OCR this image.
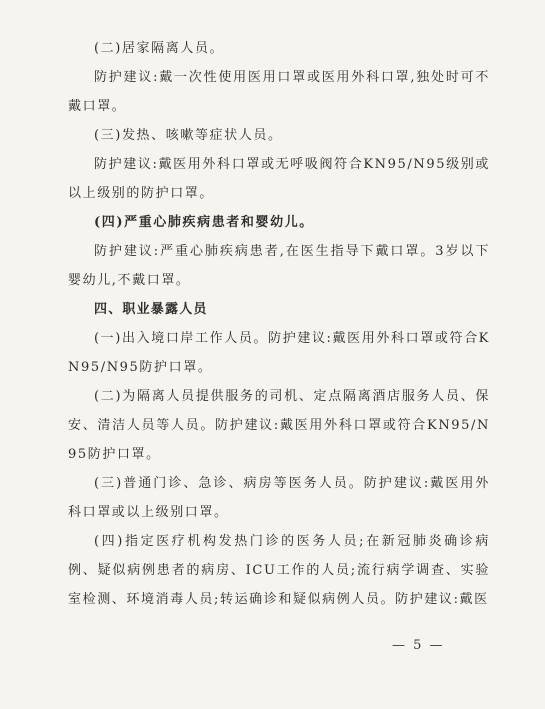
(二)居家隔离人员。

防护建议:戴一次性使用医用口罩或医用外科口罩,独处时可不戴口罩。

(三)发热、咳嗽等症状人员。

防护建议:戴医用外科口罩或无呼吸阀符合KN95/N95级别或以上级别的防护口罩。

(四)严重心肺疾病患者和婴幼儿。

防护建议:严重心肺疾病患者,在医生指导下戴口罩。3岁以下婴幼儿,不戴口罩。

四、职业暴露人员

(一)出入境口岸工作人员。防护建议:戴医用外科口罩或符合KN95/N95防护口罩。

(二)为隔离人员提供服务的司机、定点隔离酒店服务人员、保安、清洁人员等人员。防护建议:戴医用外科口罩或符合KN95/N95防护口罩。

(三)普通门诊、急诊、病房等医务人员。防护建议:戴医用外科口罩或以上级别口罩。

(四)指定医疗机构发热门诊的医务人员;在新冠肺炎确诊病例、疑似病例患者的病房、ICU工作的人员;流行病学调查、实验室检测、环境消毒人员;转运确诊和疑似病例人员。防护建议:戴医

— 5 —
